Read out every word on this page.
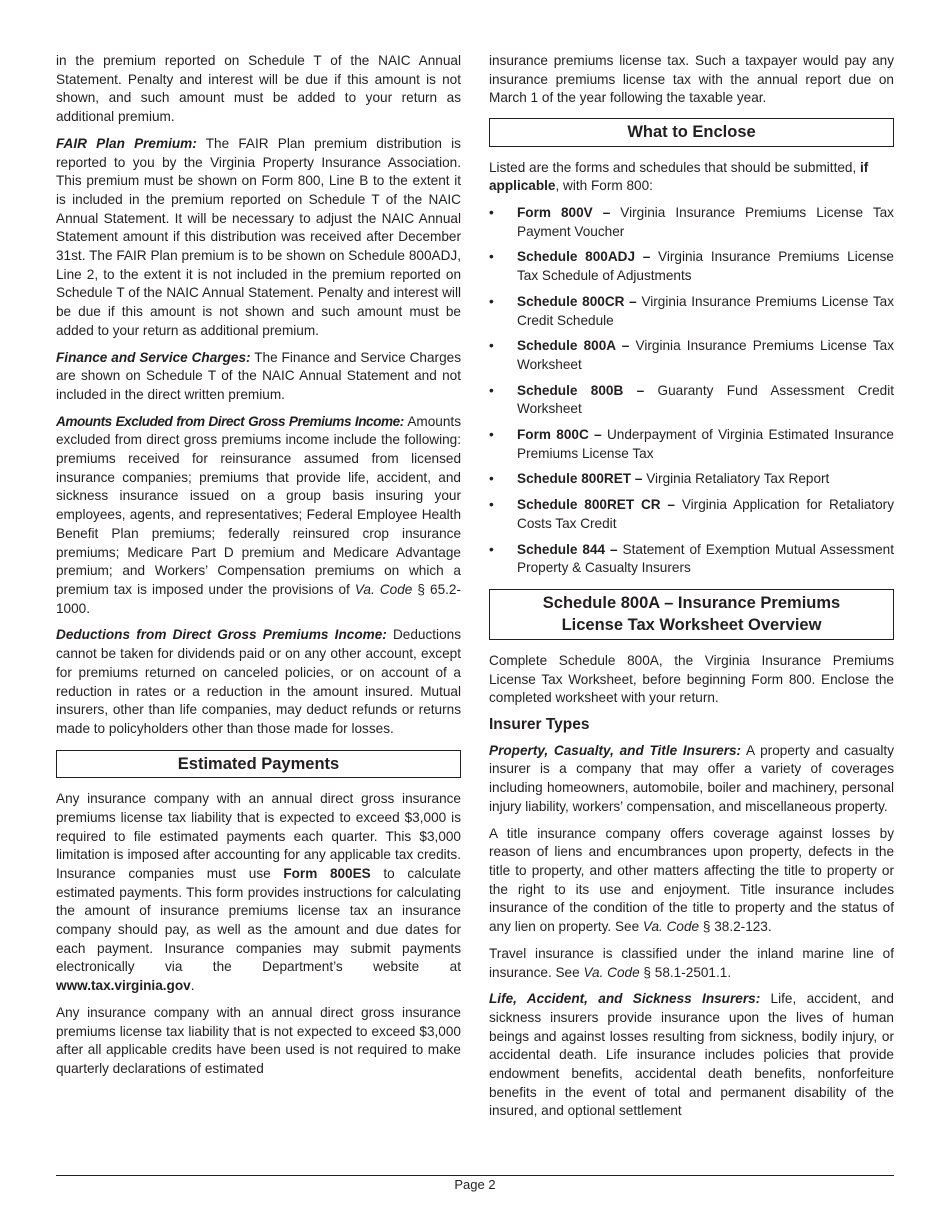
in the premium reported on Schedule T of the NAIC Annual Statement. Penalty and interest will be due if this amount is not shown, and such amount must be added to your return as additional premium.

FAIR Plan Premium: The FAIR Plan premium distribution is reported to you by the Virginia Property Insurance Association. This premium must be shown on Form 800, Line B to the extent it is included in the premium reported on Schedule T of the NAIC Annual Statement. It will be necessary to adjust the NAIC Annual Statement amount if this distribution was received after December 31st. The FAIR Plan premium is to be shown on Schedule 800ADJ, Line 2, to the extent it is not included in the premium reported on Schedule T of the NAIC Annual Statement. Penalty and interest will be due if this amount is not shown and such amount must be added to your return as additional premium.

Finance and Service Charges: The Finance and Service Charges are shown on Schedule T of the NAIC Annual Statement and not included in the direct written premium.

Amounts Excluded from Direct Gross Premiums Income: Amounts excluded from direct gross premiums income include the following: premiums received for reinsurance assumed from licensed insurance companies; premiums that provide life, accident, and sickness insurance issued on a group basis insuring your employees, agents, and representatives; Federal Employee Health Benefit Plan premiums; federally reinsured crop insurance premiums; Medicare Part D premium and Medicare Advantage premium; and Workers’ Compensation premiums on which a premium tax is imposed under the provisions of Va. Code § 65.2-1000.

Deductions from Direct Gross Premiums Income: Deductions cannot be taken for dividends paid or on any other account, except for premiums returned on canceled policies, or on account of a reduction in rates or a reduction in the amount insured. Mutual insurers, other than life companies, may deduct refunds or returns made to policyholders other than those made for losses.

Estimated Payments

Any insurance company with an annual direct gross insurance premiums license tax liability that is expected to exceed $3,000 is required to file estimated payments each quarter. This $3,000 limitation is imposed after accounting for any applicable tax credits. Insurance companies must use Form 800ES to calculate estimated payments. This form provides instructions for calculating the amount of insurance premiums license tax an insurance company should pay, as well as the amount and due dates for each payment. Insurance companies may submit payments electronically via the Department’s website at www.tax.virginia.gov.

Any insurance company with an annual direct gross insurance premiums license tax liability that is not expected to exceed $3,000 after all applicable credits have been used is not required to make quarterly declarations of estimated

insurance premiums license tax. Such a taxpayer would pay any insurance premiums license tax with the annual report due on March 1 of the year following the taxable year.

What to Enclose

Listed are the forms and schedules that should be submitted, if applicable, with Form 800:

• Form 800V – Virginia Insurance Premiums License Tax Payment Voucher
• Schedule 800ADJ – Virginia Insurance Premiums License Tax Schedule of Adjustments
• Schedule 800CR – Virginia Insurance Premiums License Tax Credit Schedule
• Schedule 800A – Virginia Insurance Premiums License Tax Worksheet
• Schedule 800B – Guaranty Fund Assessment Credit Worksheet
• Form 800C – Underpayment of Virginia Estimated Insurance Premiums License Tax
• Schedule 800RET – Virginia Retaliatory Tax Report
• Schedule 800RET CR – Virginia Application for Retaliatory Costs Tax Credit
• Schedule 844 – Statement of Exemption Mutual Assessment Property & Casualty Insurers
Schedule 800A – Insurance Premiums
License Tax Worksheet Overview

Complete Schedule 800A, the Virginia Insurance Premiums License Tax Worksheet, before beginning Form 800. Enclose the completed worksheet with your return.

Insurer Types

Property, Casualty, and Title Insurers: A property and casualty insurer is a company that may offer a variety of coverages including homeowners, automobile, boiler and machinery, personal injury liability, workers’ compensation, and miscellaneous property.

A title insurance company offers coverage against losses by reason of liens and encumbrances upon property, defects in the title to property, and other matters affecting the title to property or the right to its use and enjoyment. Title insurance includes insurance of the condition of the title to property and the status of any lien on property. See Va. Code § 38.2-123.

Travel insurance is classified under the inland marine line of insurance. See Va. Code § 58.1-2501.1.

Life, Accident, and Sickness Insurers: Life, accident, and sickness insurers provide insurance upon the lives of human beings and against losses resulting from sickness, bodily injury, or accidental death. Life insurance includes policies that provide endowment benefits, accidental death benefits, nonforfeiture benefits in the event of total and permanent disability of the insured, and optional settlement

Page 2
